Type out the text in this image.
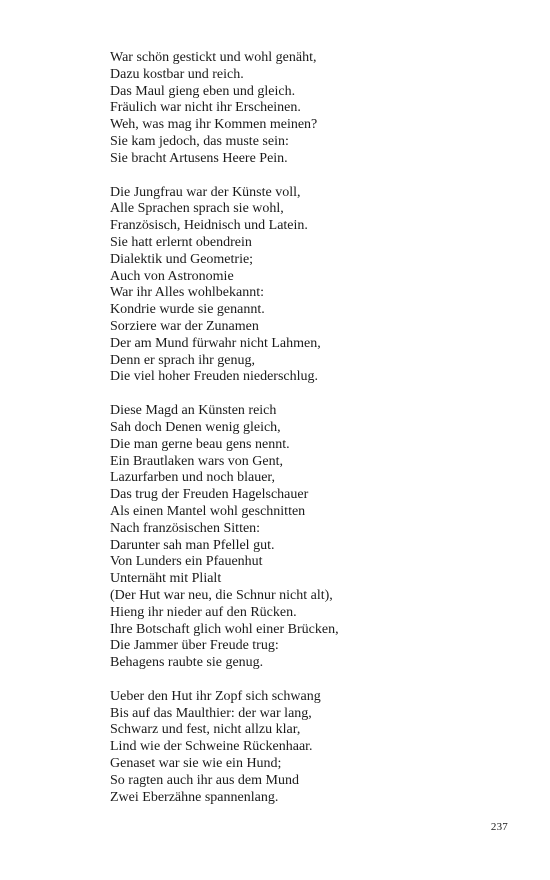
War schön gestickt und wohl genäht,
Dazu kostbar und reich.
Das Maul gieng eben und gleich.
Fräulich war nicht ihr Erscheinen.
Weh, was mag ihr Kommen meinen?
Sie kam jedoch, das muste sein:
Sie bracht Artusens Heere Pein.
Die Jungfrau war der Künste voll,
Alle Sprachen sprach sie wohl,
Französisch, Heidnisch und Latein.
Sie hatt erlernt obendrein
Dialektik und Geometrie;
Auch von Astronomie
War ihr Alles wohlbekannt:
Kondrie wurde sie genannt.
Sorziere war der Zunamen
Der am Mund fürwahr nicht Lahmen,
Denn er sprach ihr genug,
Die viel hoher Freuden niederschlug.
Diese Magd an Künsten reich
Sah doch Denen wenig gleich,
Die man gerne beau gens nennt.
Ein Brautlaken wars von Gent,
Lazurfarben und noch blauer,
Das trug der Freuden Hagelschauer
Als einen Mantel wohl geschnitten
Nach französischen Sitten:
Darunter sah man Pfellel gut.
Von Lunders ein Pfauenhut
Unternäht mit Plialt
(Der Hut war neu, die Schnur nicht alt),
Hieng ihr nieder auf den Rücken.
Ihre Botschaft glich wohl einer Brücken,
Die Jammer über Freude trug:
Behagens raubte sie genug.
Ueber den Hut ihr Zopf sich schwang
Bis auf das Maulthier: der war lang,
Schwarz und fest, nicht allzu klar,
Lind wie der Schweine Rückenhaar.
Genaset war sie wie ein Hund;
So ragten auch ihr aus dem Mund
Zwei Eberzähne spannenlang.
237
